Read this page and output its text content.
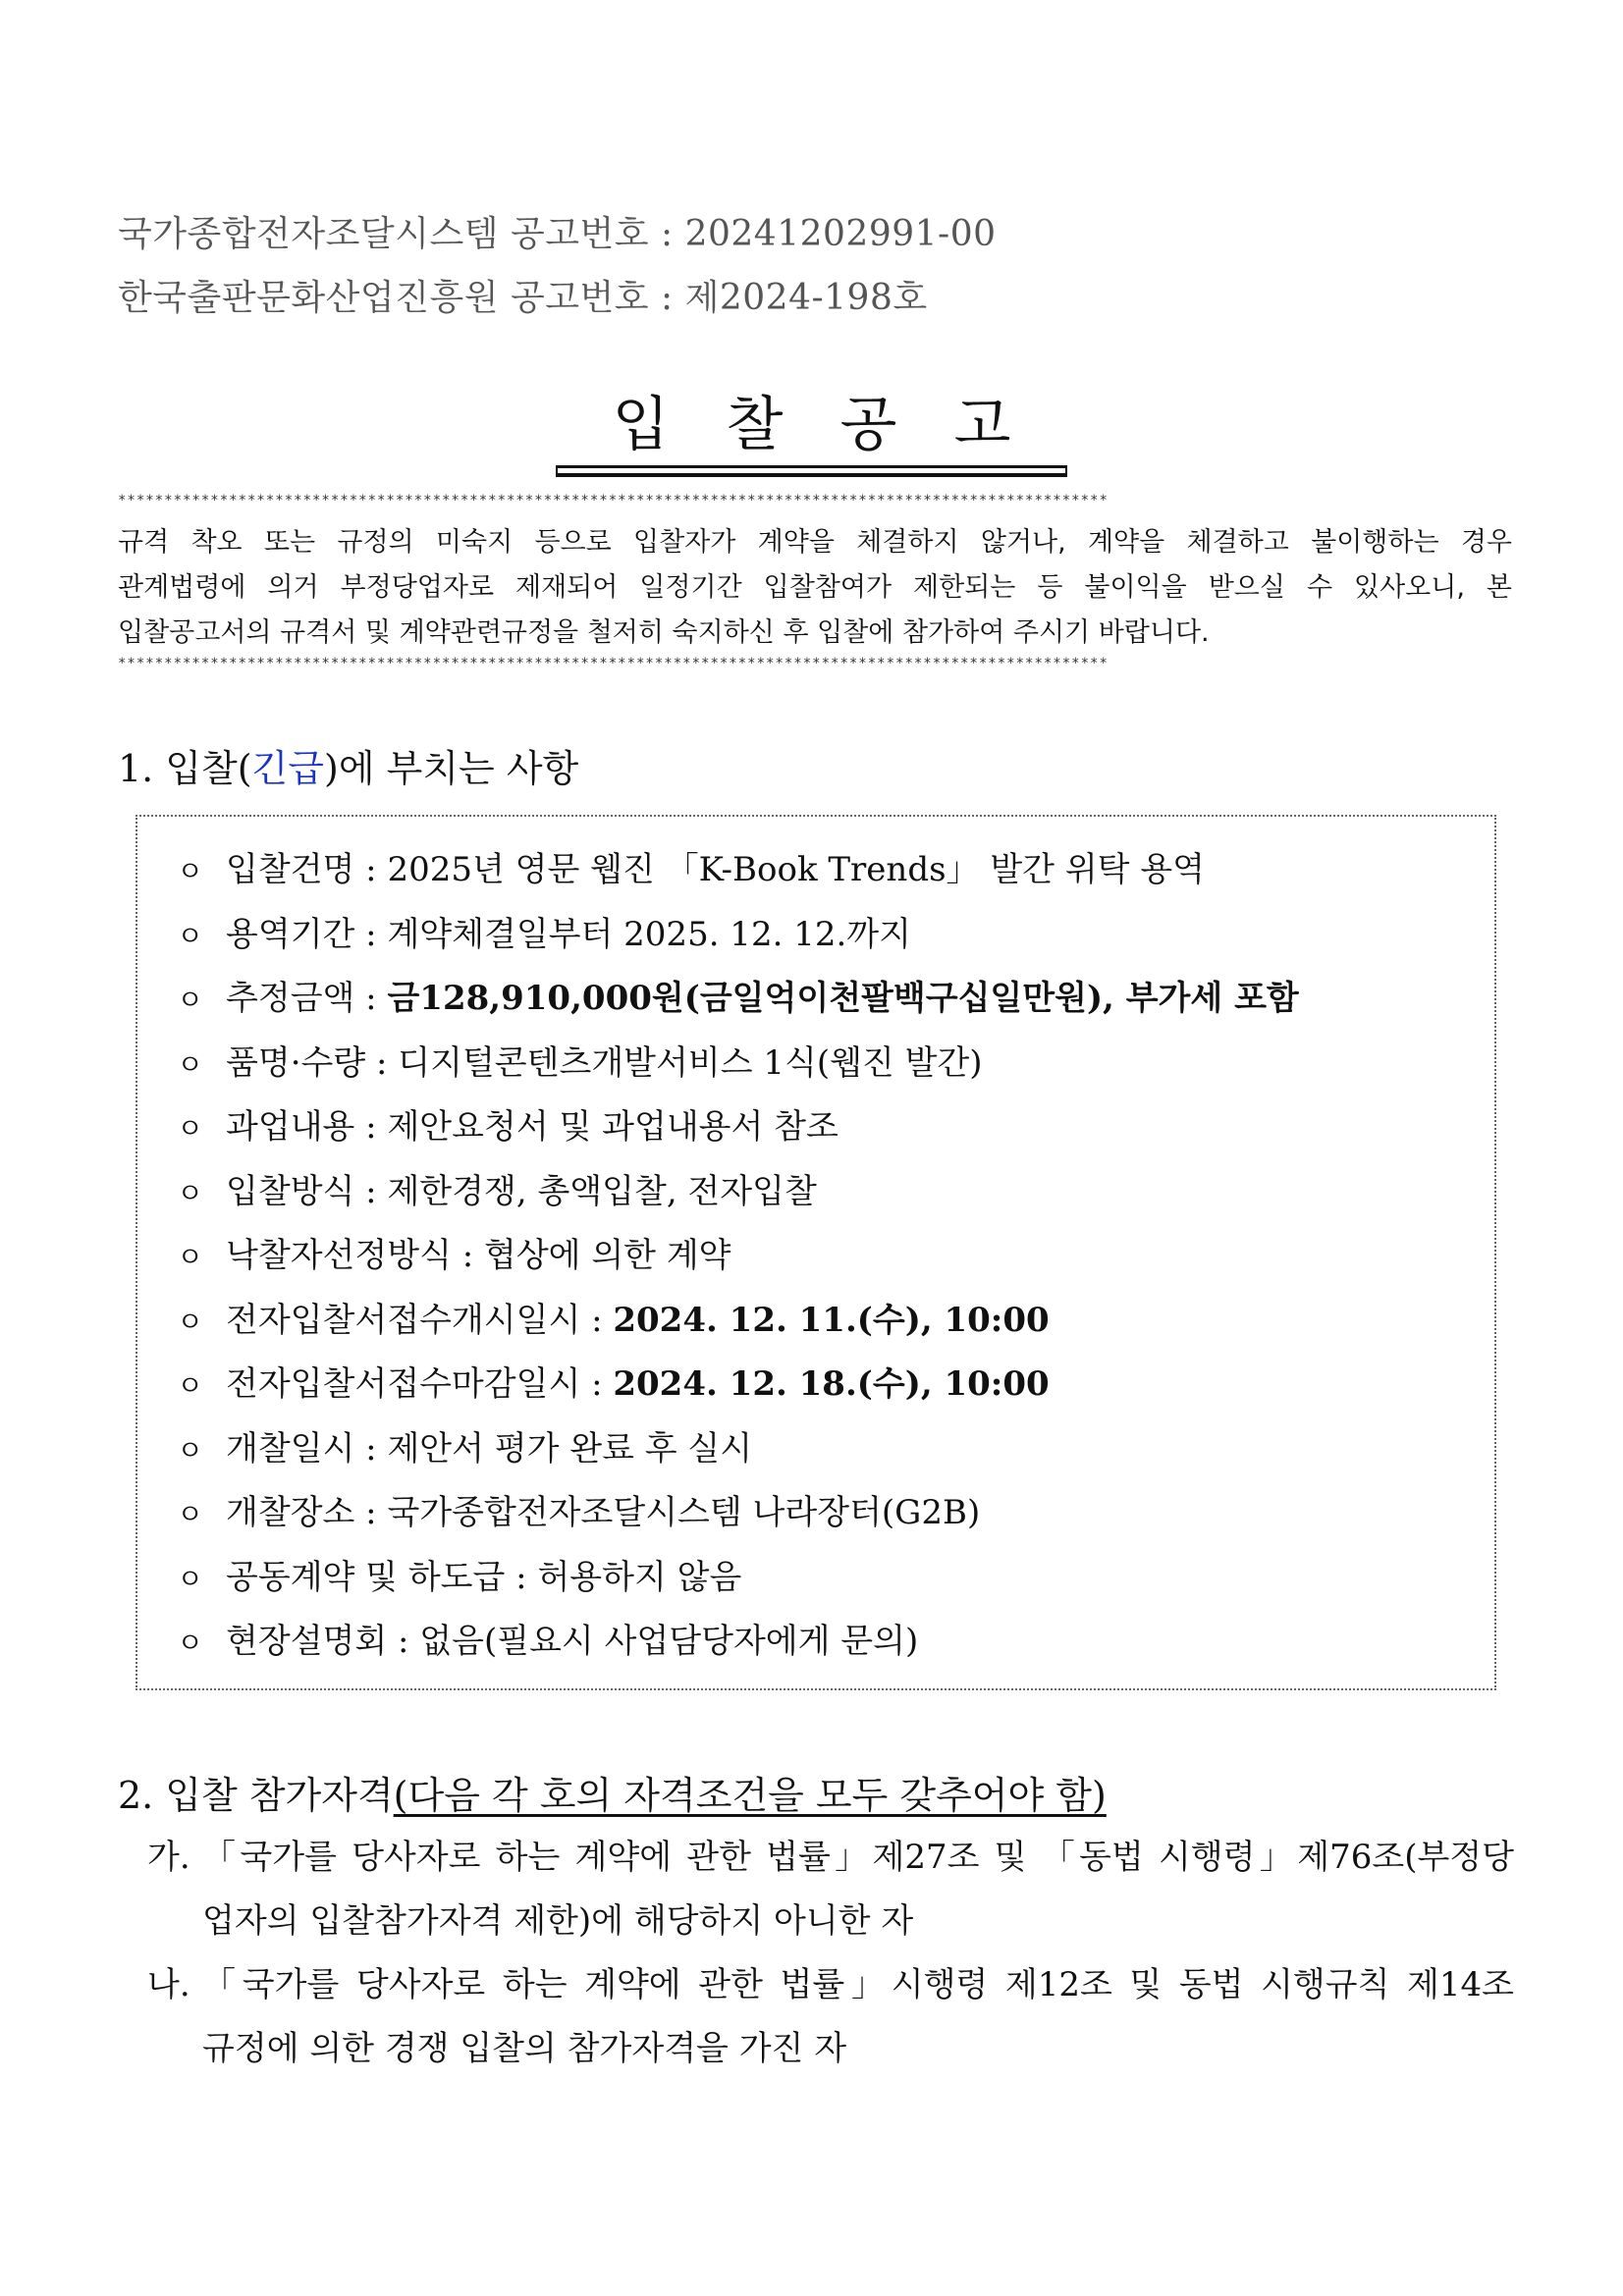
국가종합전자조달시스템 공고번호 : 20241202991-00
한국출판문화산업진흥원 공고번호 : 제2024-198호
입찰공고
***********************************************************************************************************
규격 착오 또는 규정의 미숙지 등으로 입찰자가 계약을 체결하지 않거나, 계약을 체결하고 불이행하는 경우
관계법령에 의거 부정당업자로 제재되어 일정기간 입찰참여가 제한되는 등 불이익을 받으실 수 있사오니, 본
입찰공고서의 규격서 및 계약관련규정을 철저히 숙지하신 후 입찰에 참가하여 주시기 바랍니다.
***********************************************************************************************************
1. 입찰(긴급)에 부치는 사항
ㅇ 입찰건명 : 2025년 영문 웹진 「K-Book Trends」 발간 위탁 용역
ㅇ 용역기간 : 계약체결일부터 2025. 12. 12.까지
ㅇ 추정금액 : 금128,910,000원(금일억이천팔백구십일만원), 부가세 포함
ㅇ 품명·수량 : 디지털콘텐츠개발서비스 1식(웹진 발간)
ㅇ 과업내용 : 제안요청서 및 과업내용서 참조
ㅇ 입찰방식 : 제한경쟁, 총액입찰, 전자입찰
ㅇ 낙찰자선정방식 : 협상에 의한 계약
ㅇ 전자입찰서접수개시일시 : 2024. 12. 11.(수), 10:00
ㅇ 전자입찰서접수마감일시 : 2024. 12. 18.(수), 10:00
ㅇ 개찰일시 : 제안서 평가 완료 후 실시
ㅇ 개찰장소 : 국가종합전자조달시스템 나라장터(G2B)
ㅇ 공동계약 및 하도급 : 허용하지 않음
ㅇ 현장설명회 : 없음(필요시 사업담당자에게 문의)
2. 입찰 참가자격(다음 각 호의 자격조건을 모두 갖추어야 함)
가. 「국가를 당사자로 하는 계약에 관한 법률」제27조 및 「동법 시행령」제76조(부정당
업자의 입찰참가자격 제한)에 해당하지 아니한 자
나. 「국가를 당사자로 하는 계약에 관한 법률」시행령 제12조 및 동법 시행규칙 제14조
규정에 의한 경쟁 입찰의 참가자격을 가진 자
